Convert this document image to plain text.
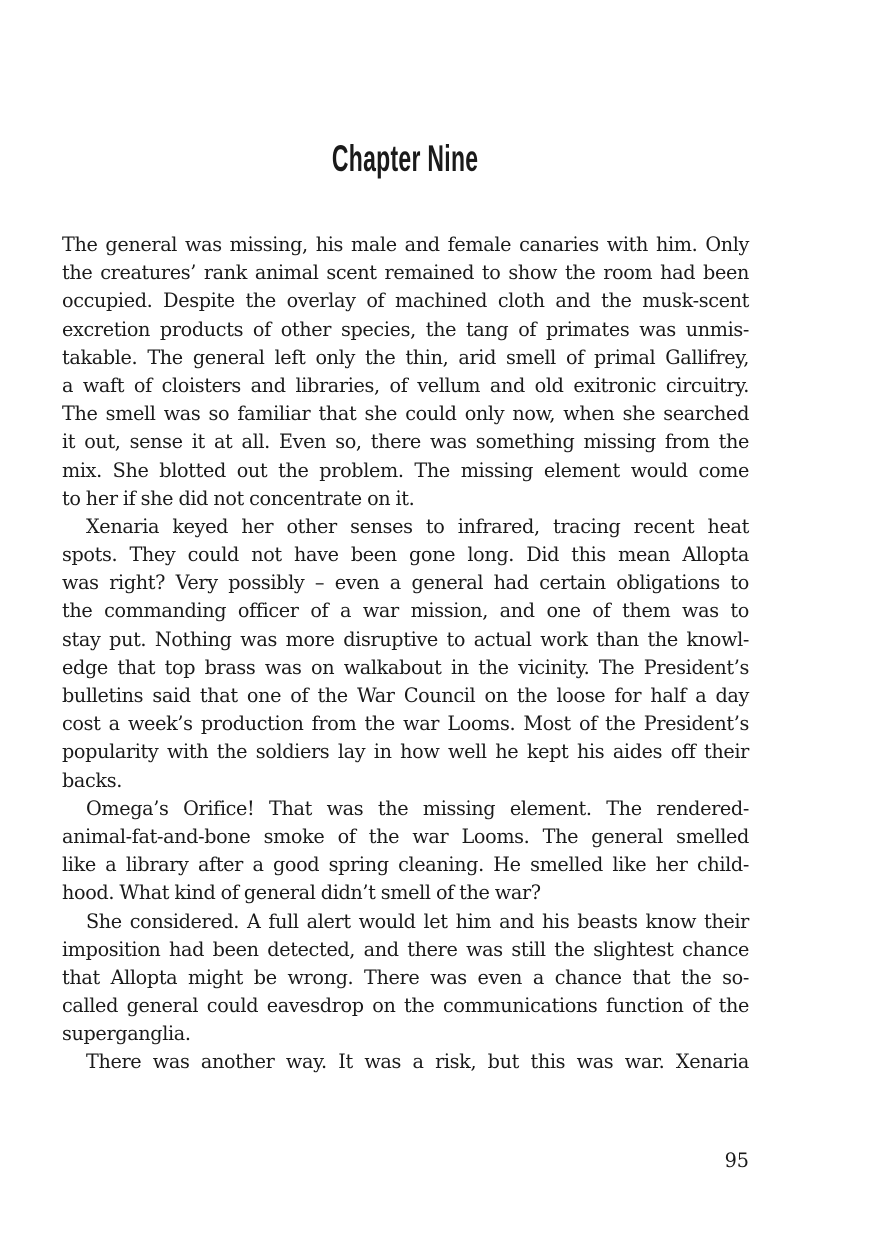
Chapter Nine
The general was missing, his male and female canaries with him. Only
the creatures’ rank animal scent remained to show the room had been
occupied. Despite the overlay of machined cloth and the musk-scent
excretion products of other species, the tang of primates was unmis-
takable. The general left only the thin, arid smell of primal Gallifrey,
a waft of cloisters and libraries, of vellum and old exitronic circuitry.
The smell was so familiar that she could only now, when she searched
it out, sense it at all. Even so, there was something missing from the
mix. She blotted out the problem. The missing element would come
to her if she did not concentrate on it.
Xenaria keyed her other senses to infrared, tracing recent heat
spots. They could not have been gone long. Did this mean Allopta
was right? Very possibly – even a general had certain obligations to
the commanding officer of a war mission, and one of them was to
stay put. Nothing was more disruptive to actual work than the knowl-
edge that top brass was on walkabout in the vicinity. The President’s
bulletins said that one of the War Council on the loose for half a day
cost a week’s production from the war Looms. Most of the President’s
popularity with the soldiers lay in how well he kept his aides off their
backs.
Omega’s Orifice! That was the missing element. The rendered-
animal-fat-and-bone smoke of the war Looms. The general smelled
like a library after a good spring cleaning. He smelled like her child-
hood. What kind of general didn’t smell of the war?
She considered. A full alert would let him and his beasts know their
imposition had been detected, and there was still the slightest chance
that Allopta might be wrong. There was even a chance that the so-
called general could eavesdrop on the communications function of the
superganglia.
There was another way. It was a risk, but this was war. Xenaria
95
